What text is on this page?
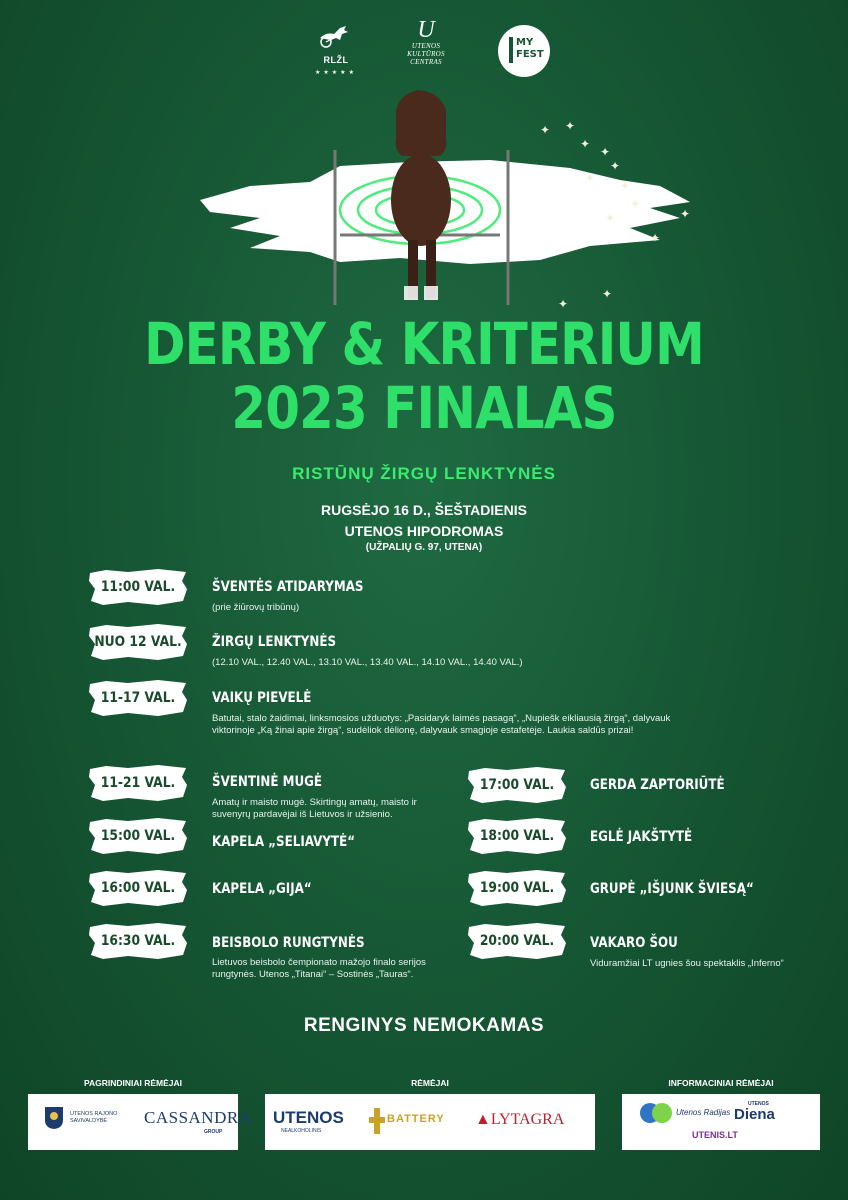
RLŽL
★★★★★
U
UTENOS
KULTŪROS
CENTRAS
MY
FEST
✦ ✦
✦
✦
✦
✦
✦
✦
✦	✦
✦
✦
✦
DERBY & KRITERIUM
2023 FINALAS
RISTŪNŲ ŽIRGŲ LENKTYNĖS
RUGSĖJO 16 D., ŠEŠTADIENIS
UTENOS HIPODROMAS
(UŽPALIŲ G. 97, UTENA)
11:00 VAL.	ŠVENTĖS ATIDARYMAS
(prie žiūrovų tribūnų)
NUO 12 VAL. ŽIRGŲ LENKTYNĖS
(12.10 VAL., 12.40 VAL., 13.10 VAL., 13.40 VAL., 14.10 VAL., 14.40 VAL.)
11-17 VAL.	VAIKŲ PIEVELĖ
Batutai, stalo žaidimai, linksmosios užduotys: „Pasidaryk laimės pasagą“, „Nupiešk eikliausią žirgą“, dalyvauk viktorinoje „Ką žinai apie žirgą“, sudėliok dėlionę, dalyvauk smagioje estafetėje. Laukia saldūs prizai!
11-21 VAL.	ŠVENTINĖ MUGĖ
Amatų ir maisto mugė. Skirtingų amatų, maisto ir suvenyrų pardavėjai iš Lietuvos ir užsienio.
15:00 VAL.	KAPELA „SELIAVYTĖ“
16:00 VAL.	KAPELA „GIJA“
16:30 VAL.	BEISBOLO RUNGTYNĖS
Lietuvos beisbolo čempionato mažojo finalo serijos rungtynės. Utenos „Titanai“ – Sostinės „Tauras“.
17:00 VAL.	GERDA ZAPTORIŪTĖ
18:00 VAL.	EGLĖ JAKŠTYTĖ
19:00 VAL.	GRUPĖ „IŠJUNK ŠVIESĄ“
20:00 VAL.	VAKARO ŠOU
Viduramžiai LT ugnies šou spektaklis „Inferno“
RENGINYS NEMOKAMAS
PAGRINDINIAI RĖMĖJAI
UTENOS RAJONO SAVIVALDYBĖ	CASSANDRA
GROUP
RĖMĖJAI
UTENOS
NEALKOHOLINIS
BATTERY ▲LYTAGRA
INFORMACINIAI RĖMĖJAI
Utenos Radijas
UTENOS
Diena
UTENIS.LT
